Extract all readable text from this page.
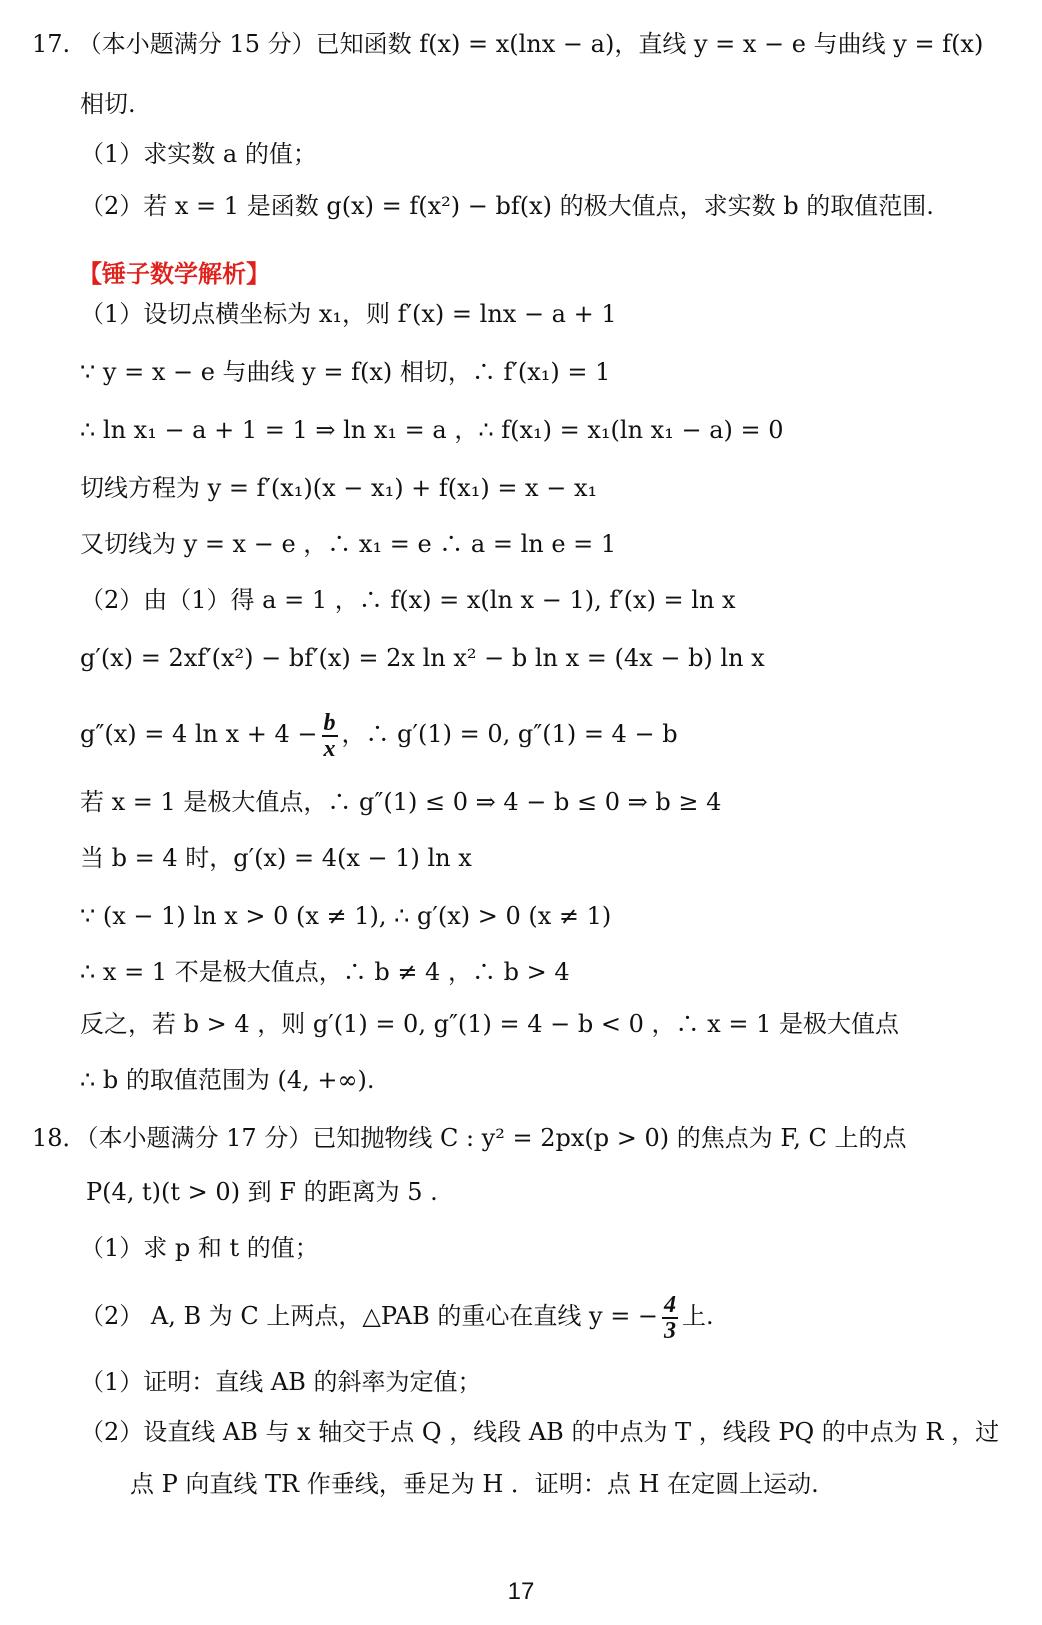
17. （本小题满分 15 分）已知函数 f(x) = x(lnx − a)，直线 y = x − e 与曲线 y = f(x)
相切.
（1）求实数 a 的值；
（2）若 x = 1 是函数 g(x) = f(x²) − bf(x) 的极大值点，求实数 b 的取值范围.
【锤子数学解析】
（1）设切点横坐标为 x₁，则 f′(x) = lnx − a + 1
∵ y = x − e 与曲线 y = f(x) 相切，∴ f′(x₁) = 1
∴ ln x₁ − a + 1 = 1 ⇒ ln x₁ = a ，∴ f(x₁) = x₁(ln x₁ − a) = 0
切线方程为 y = f′(x₁)(x − x₁) + f(x₁) = x − x₁
又切线为 y = x − e ，∴ x₁ = e ∴ a = ln e = 1
（2）由（1）得 a = 1 ，∴ f(x) = x(ln x − 1), f′(x) = ln x
g′(x) = 2xf′(x²) − bf′(x) = 2x ln x² − b ln x = (4x − b) ln x
g″(x) = 4 $\ln x + 4 - \frac{b}{x}$ ，∴ g′(1) = 0, g″(1) = 4 − b
若 x = 1 是极大值点，∴ g″(1) ≤ 0 ⇒ 4 − b ≤ 0 ⇒ b ≥ 4
当 b = 4 时，g′(x) = 4(x − 1) ln x
∵ (x − 1) ln x > 0 (x ≠ 1), ∴ g′(x) > 0 (x ≠ 1)
∴ x = 1 不是极大值点，∴ b ≠ 4 ，∴ b > 4
反之，若 b > 4 ，则 g′(1) = 0, g″(1) = 4 − b < 0 ，∴ x = 1 是极大值点
∴ b 的取值范围为 (4, +∞).
18．（本小题满分 17 分）已知抛物线 C : y² = 2px(p > 0) 的焦点为 F, C 上的点
P(4, t)(t > 0) 到 F 的距离为 5 .
（1）求 p 和 t 的值；
（2） A, B 为 C 上两点，△PAB 的重心在直线 y = − $\frac{4}{3}$ 上.
（1）证明：直线 AB 的斜率为定值；
（2）设直线 AB 与 x 轴交于点 Q ，线段 AB 的中点为 T ，线段 PQ 的中点为 R ，过
点 P 向直线 TR 作垂线，垂足为 H ．证明：点 H 在定圆上运动.
17
